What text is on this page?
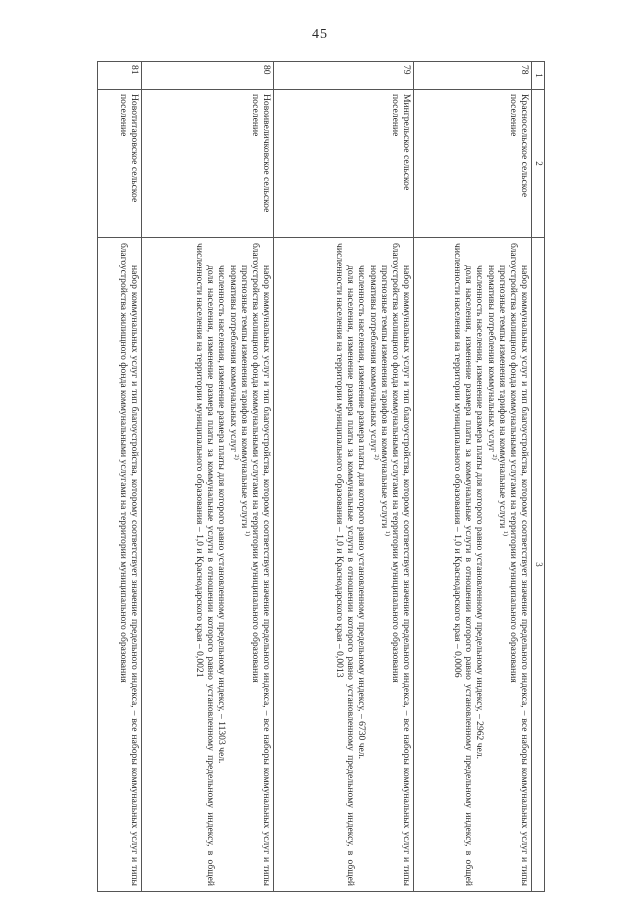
45
1	2	3
78	Красносельское сельское поселение	набор коммунальных услуг и тип благоустройства, которому соответствует значение предельного индекса, – все наборы коммунальных услуг и типы благоустройства жилищного фонда коммунальными услугами на территории муниципального образования

прогнозные темпы изменения тарифов на коммунальные услуги $^{1)}$

нормативы потребления коммунальных услуг $^{2)}$

численность населения, изменение размера платы для которого равно установленному предельному индексу, – 2962 чел.

доля населения, изменение размера платы за коммунальные услуги в отношении которого равно установленному предельному индексу, в общей численности населения на территории муниципального образования – 1,0 и Краснодарского края – 0,0006

79	Мингрельское сельское поселение	набор коммунальных услуг и тип благоустройства, которому соответствует значение предельного индекса, – все наборы коммунальных услуг и типы благоустройства жилищного фонда коммунальными услугами на территории муниципального образования

прогнозные темпы изменения тарифов на коммунальные услуги $^{1)}$

нормативы потребления коммунальных услуг $^{2)}$

численность населения, изменение размера платы для которого равно установленному предельному индексу, – 6730 чел.

доля населения, изменение размера платы за коммунальные услуги в отношении которого равно установленному предельному индексу, в общей численности населения на территории муниципального образования – 1,0 и Краснодарского края – 0,0013

80	Новоивеличковское сельское поселение	набор коммунальных услуг и тип благоустройства, которому соответствует значение предельного индекса, – все наборы коммунальных услуг и типы благоустройства жилищного фонда коммунальными услугами на территории муниципального образования

прогнозные темпы изменения тарифов на коммунальные услуги $^{1)}$

нормативы потребления коммунальных услуг $^{2)}$

численность населения, изменение размера платы для которого равно установленному предельному индексу, – 11303 чел.

доля населения, изменение размера платы за коммунальные услуги в отношении которого равно установленному предельному индексу, в общей численности населения на территории муниципального образования – 1,0 и Краснодарского края – 0,0021

81	Новотитаровское сельское поселение	набор коммунальных услуг и тип благоустройства, которому соответствует значение предельного индекса, – все наборы коммунальных услуг и типы благоустройства жилищного фонда коммунальными услугами на территории муниципального образования
